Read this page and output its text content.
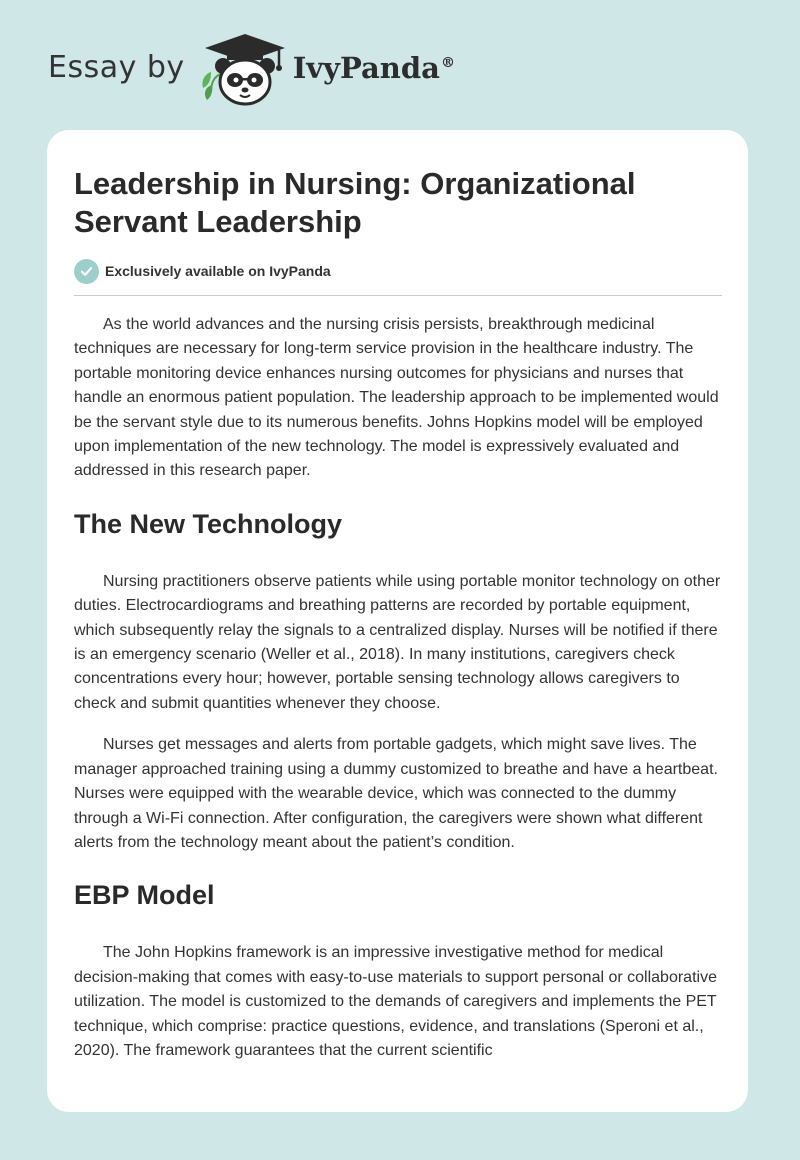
Essay by	IvyPanda®
Leadership in Nursing: Organizational Servant Leadership
Exclusively available on IvyPanda

As the world advances and the nursing crisis persists, breakthrough medicinal techniques are necessary for long-term service provision in the healthcare industry. The portable monitoring device enhances nursing outcomes for physicians and nurses that handle an enormous patient population. The leadership approach to be implemented would be the servant style due to its numerous benefits. Johns Hopkins model will be employed upon implementation of the new technology. The model is expressively evaluated and addressed in this research paper.

The New Technology

Nursing practitioners observe patients while using portable monitor technology on other duties. Electrocardiograms and breathing patterns are recorded by portable equipment, which subsequently relay the signals to a centralized display. Nurses will be notified if there is an emergency scenario (Weller et al., 2018). In many institutions, caregivers check concentrations every hour; however, portable sensing technology allows caregivers to check and submit quantities whenever they choose.

Nurses get messages and alerts from portable gadgets, which might save lives. The manager approached training using a dummy customized to breathe and have a heartbeat. Nurses were equipped with the wearable device, which was connected to the dummy through a Wi-Fi connection. After configuration, the caregivers were shown what different alerts from the technology meant about the patient’s condition.

EBP Model

The John Hopkins framework is an impressive investigative method for medical decision-making that comes with easy-to-use materials to support personal or collaborative utilization. The model is customized to the demands of caregivers and implements the PET technique, which comprise: practice questions, evidence, and translations (Speroni et al., 2020). The framework guarantees that the current scientific
